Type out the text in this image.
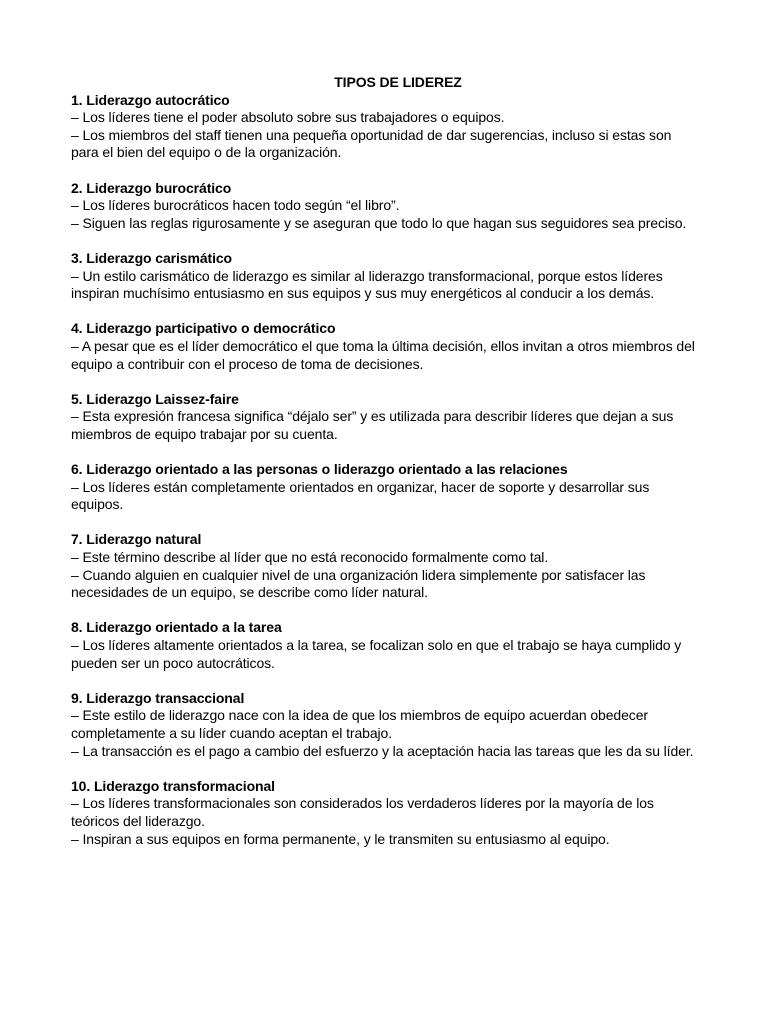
TIPOS DE LIDEREZ

1. Liderazgo autocrático

– Los líderes tiene el poder absoluto sobre sus trabajadores o equipos.

– Los miembros del staff tienen una pequeña oportunidad de dar sugerencias, incluso si estas son para el bien del equipo o de la organización.

2. Liderazgo burocrático

– Los líderes burocráticos hacen todo según “el libro”.

– Siguen las reglas rigurosamente y se aseguran que todo lo que hagan sus seguidores sea preciso.

3. Liderazgo carismático

– Un estilo carismático de liderazgo es similar al liderazgo transformacional, porque estos líderes inspiran muchísimo entusiasmo en sus equipos y sus muy energéticos al conducir a los demás.

4. Liderazgo participativo o democrático

– A pesar que es el líder democrático el que toma la última decisión, ellos invitan a otros miembros del equipo a contribuir con el proceso de toma de decisiones.

5. Liderazgo Laissez-faire

– Esta expresión francesa significa “déjalo ser” y es utilizada para describir líderes que dejan a sus miembros de equipo trabajar por su cuenta.

6. Liderazgo orientado a las personas o liderazgo orientado a las relaciones

– Los líderes están completamente orientados en organizar, hacer de soporte y desarrollar sus equipos.

7. Liderazgo natural

– Este término describe al líder que no está reconocido formalmente como tal.

– Cuando alguien en cualquier nivel de una organización lidera simplemente por satisfacer las necesidades de un equipo, se describe como líder natural.

8. Liderazgo orientado a la tarea

– Los líderes altamente orientados a la tarea, se focalizan solo en que el trabajo se haya cumplido y pueden ser un poco autocráticos.

9. Liderazgo transaccional

– Este estilo de liderazgo nace con la idea de que los miembros de equipo acuerdan obedecer completamente a su líder cuando aceptan el trabajo.

– La transacción es el pago a cambio del esfuerzo y la aceptación hacia las tareas que les da su líder.

10. Liderazgo transformacional

– Los líderes transformacionales son considerados los verdaderos líderes por la mayoría de los teóricos del liderazgo.

– Inspiran a sus equipos en forma permanente, y le transmiten su entusiasmo al equipo.
